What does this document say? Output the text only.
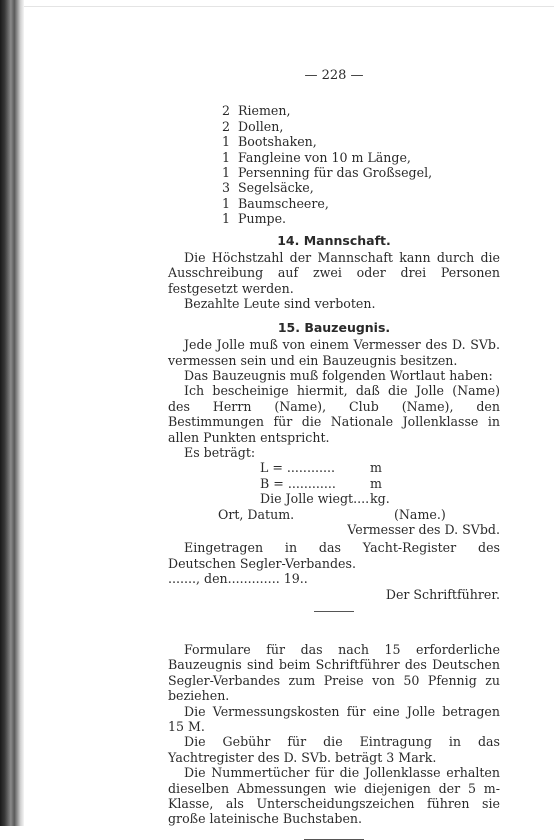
— 228 —
2 Riemen,
2 Dollen,
1 Bootshaken,
1 Fangleine von 10 m Länge,
1 Persenning für das Großsegel,
3 Segelsäcke,
1 Baumscheere,
1 Pumpe.
14. Mannschaft.

Die Höchstzahl der Mannschaft kann durch die Ausschreibung auf zwei oder drei Personen festgesetzt werden.

Bezahlte Leute sind verboten.

15. Bauzeugnis.

Jede Jolle muß von einem Vermesser des D. SVb. vermessen sein und ein Bauzeugnis besitzen.

Das Bauzeugnis muß folgenden Wortlaut haben:

Ich bescheinige hiermit, daß die Jolle (Name) des Herrn (Name), Club (Name), den Bestimmungen für die Nationale Jollenklasse in allen Punkten entspricht.

Es beträgt:

L = ............	m
B = ............	m
Die Jolle wiegt....kg.
Ort, Datum.	(Name.)
Vermesser des D. SVbd.

Eingetragen in das Yacht-Register des Deutschen Segler-Verbandes.

......., den............. 19..
Der Schriftführer.

Formulare für das nach 15 erforderliche Bauzeugnis sind beim Schriftführer des Deutschen Segler-Verbandes zum Preise von 50 Pfennig zu beziehen.

Die Vermessungskosten für eine Jolle betragen 15 M.

Die Gebühr für die Eintragung in das Yachtregister des D. SVb. beträgt 3 Mark.

Die Nummertücher für die Jollenklasse erhalten dieselben Abmessungen wie diejenigen der 5 m-Klasse, als Unterscheidungszeichen führen sie große lateinische Buchstaben.
